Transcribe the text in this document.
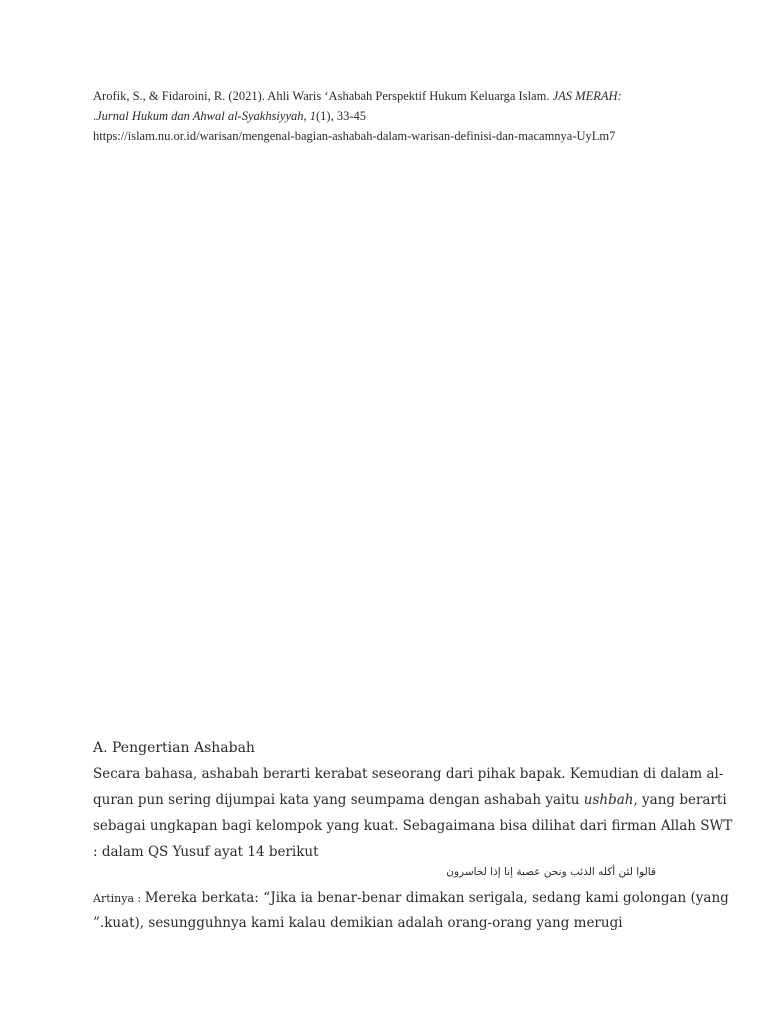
Arofik, S., & Fidaroini, R. (2021). Ahli Waris ‘Ashabah Perspektif Hukum Keluarga Islam. JAS MERAH:
.Jurnal Hukum dan Ahwal al-Syakhsiyyah, 1(1), 33-45
https://islam.nu.or.id/warisan/mengenal-bagian-ashabah-dalam-warisan-definisi-dan-macamnya-UyLm7
A. Pengertian Ashabah
Secara bahasa, ashabah berarti kerabat seseorang dari pihak bapak. Kemudian di dalam al-
quran pun sering dijumpai kata yang seumpama dengan ashabah yaitu ushbah, yang berarti
sebagai ungkapan bagi kelompok yang kuat. Sebagaimana bisa dilihat dari firman Allah SWT
: dalam QS Yusuf ayat 14 berikut
قالوا لئن أكله الذئب ونحن عصبة إنا إذا لخاسرون
Artinya : Mereka berkata: “Jika ia benar-benar dimakan serigala, sedang kami golongan (yang
”.kuat), sesungguhnya kami kalau demikian adalah orang-orang yang merugi
